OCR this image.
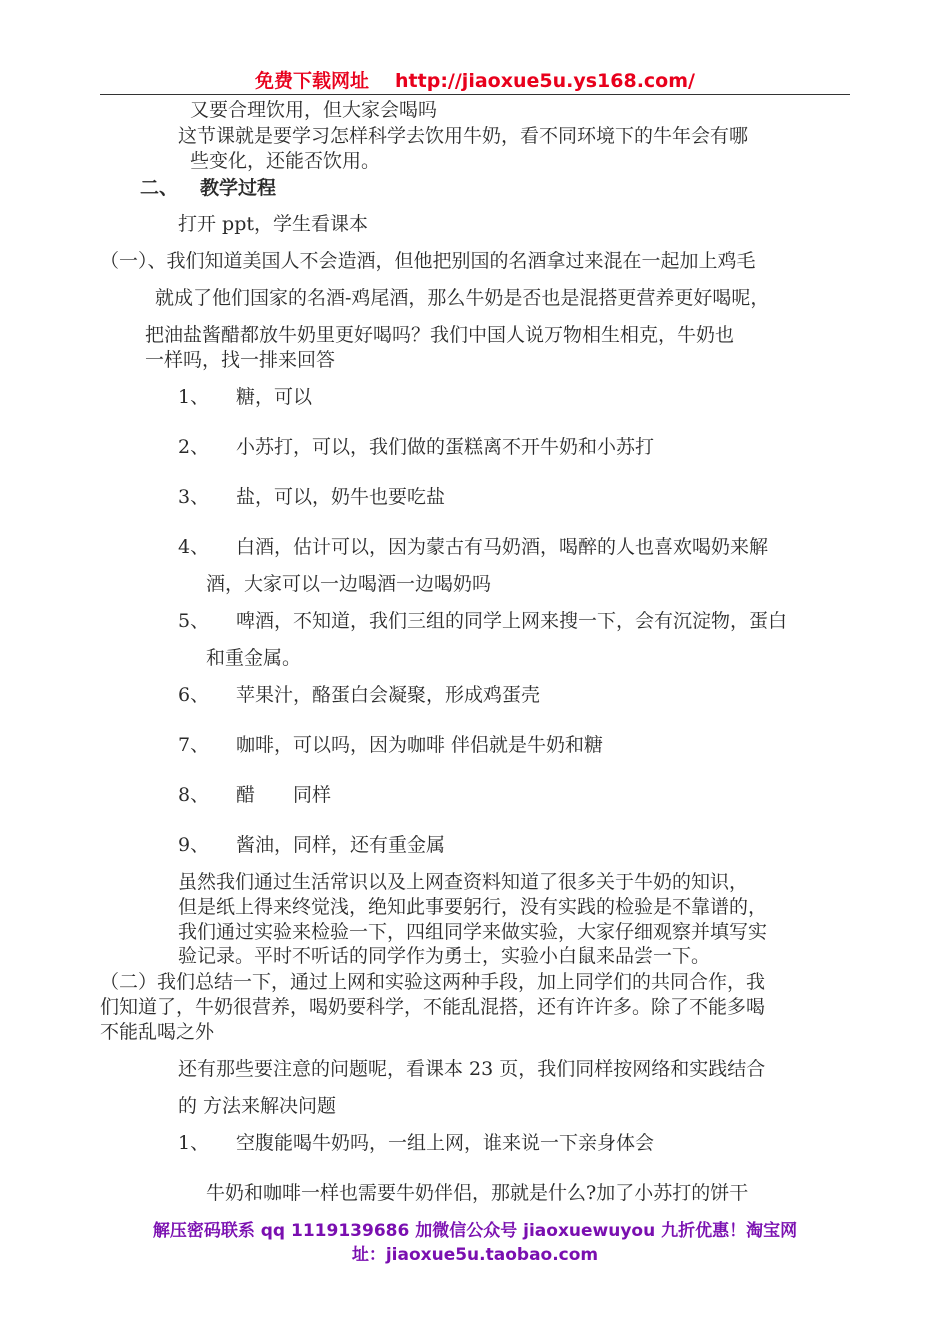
免费下载网址 http://jiaoxue5u.ys168.com/
又要合理饮用，但大家会喝吗
这节课就是要学习怎样科学去饮用牛奶，看不同环境下的牛年会有哪
些变化，还能否饮用。
二、 教学过程
打开 ppt，学生看课本
（一）、我们知道美国人不会造酒，但他把别国的名酒拿过来混在一起加上鸡毛
就成了他们国家的名酒-鸡尾酒，那么牛奶是否也是混搭更营养更好喝呢，
把油盐酱醋都放牛奶里更好喝吗？我们中国人说万物相生相克，牛奶也
一样吗，找一排来回答
1、 糖，可以
2、 小苏打，可以，我们做的蛋糕离不开牛奶和小苏打
3、 盐，可以，奶牛也要吃盐
4、 白酒，估计可以，因为蒙古有马奶酒，喝醉的人也喜欢喝奶来解
酒，大家可以一边喝酒一边喝奶吗
5、 啤酒，不知道，我们三组的同学上网来搜一下，会有沉淀物，蛋白
和重金属。
6、 苹果汁，酪蛋白会凝聚，形成鸡蛋壳
7、 咖啡，可以吗，因为咖啡 伴侣就是牛奶和糖
8、 醋　　同样
9、 酱油，同样，还有重金属
虽然我们通过生活常识以及上网查资料知道了很多关于牛奶的知识，
但是纸上得来终觉浅，绝知此事要躬行，没有实践的检验是不靠谱的，
我们通过实验来检验一下，四组同学来做实验，大家仔细观察并填写实
验记录。平时不听话的同学作为勇士，实验小白鼠来品尝一下。
（二）我们总结一下，通过上网和实验这两种手段，加上同学们的共同合作，我
们知道了，牛奶很营养，喝奶要科学，不能乱混搭，还有许许多。除了不能多喝
不能乱喝之外
还有那些要注意的问题呢，看课本 23 页，我们同样按网络和实践结合
的 方法来解决问题
1、 空腹能喝牛奶吗，一组上网，谁来说一下亲身体会
牛奶和咖啡一样也需要牛奶伴侣，那就是什么?加了小苏打的饼干
解压密码联系 qq 1119139686 加微信公众号 jiaoxuewuyou 九折优惠！淘宝网
址：jiaoxue5u.taobao.com
